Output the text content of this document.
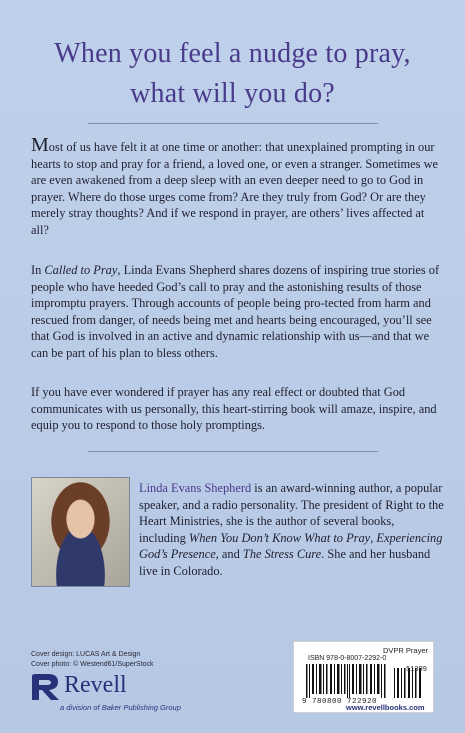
When you feel a nudge to pray,
what will you do?
Most of us have felt it at one time or another: that unexplained prompting in our hearts to stop and pray for a friend, a loved one, or even a stranger. Sometimes we are even awakened from a deep sleep with an even deeper need to go to God in prayer. Where do those urges come from? Are they truly from God? Or are they merely stray thoughts? And if we respond in prayer, are others’ lives affected at all?
In Called to Pray, Linda Evans Shepherd shares dozens of inspiring true stories of people who have heeded God’s call to pray and the astonishing results of those impromptu prayers. Through accounts of people being pro-tected from harm and rescued from danger, of needs being met and hearts being encouraged, you’ll see that God is involved in an active and dynamic relationship with us—and that we can be part of his plan to bless others.
If you have ever wondered if prayer has any real effect or doubted that God communicates with us personally, this heart-stirring book will amaze, inspire, and equip you to respond to those holy promptings.
Linda Evans Shepherd is an award-winning author, a popular speaker, and a radio personality. The president of Right to the Heart Ministries, she is the author of several books, including When You Don’t Know What to Pray, Experiencing God’s Presence, and The Stress Cure. She and her husband live in Colorado.
Cover design: LUCAS Art & Design
Cover photo: © Westend61/SuperStock
Revell
a division of Baker Publishing Group
DVPR Prayer
ISBN 978-0-8007-2292-0
51399
9 780800 722920
www.revellbooks.com
